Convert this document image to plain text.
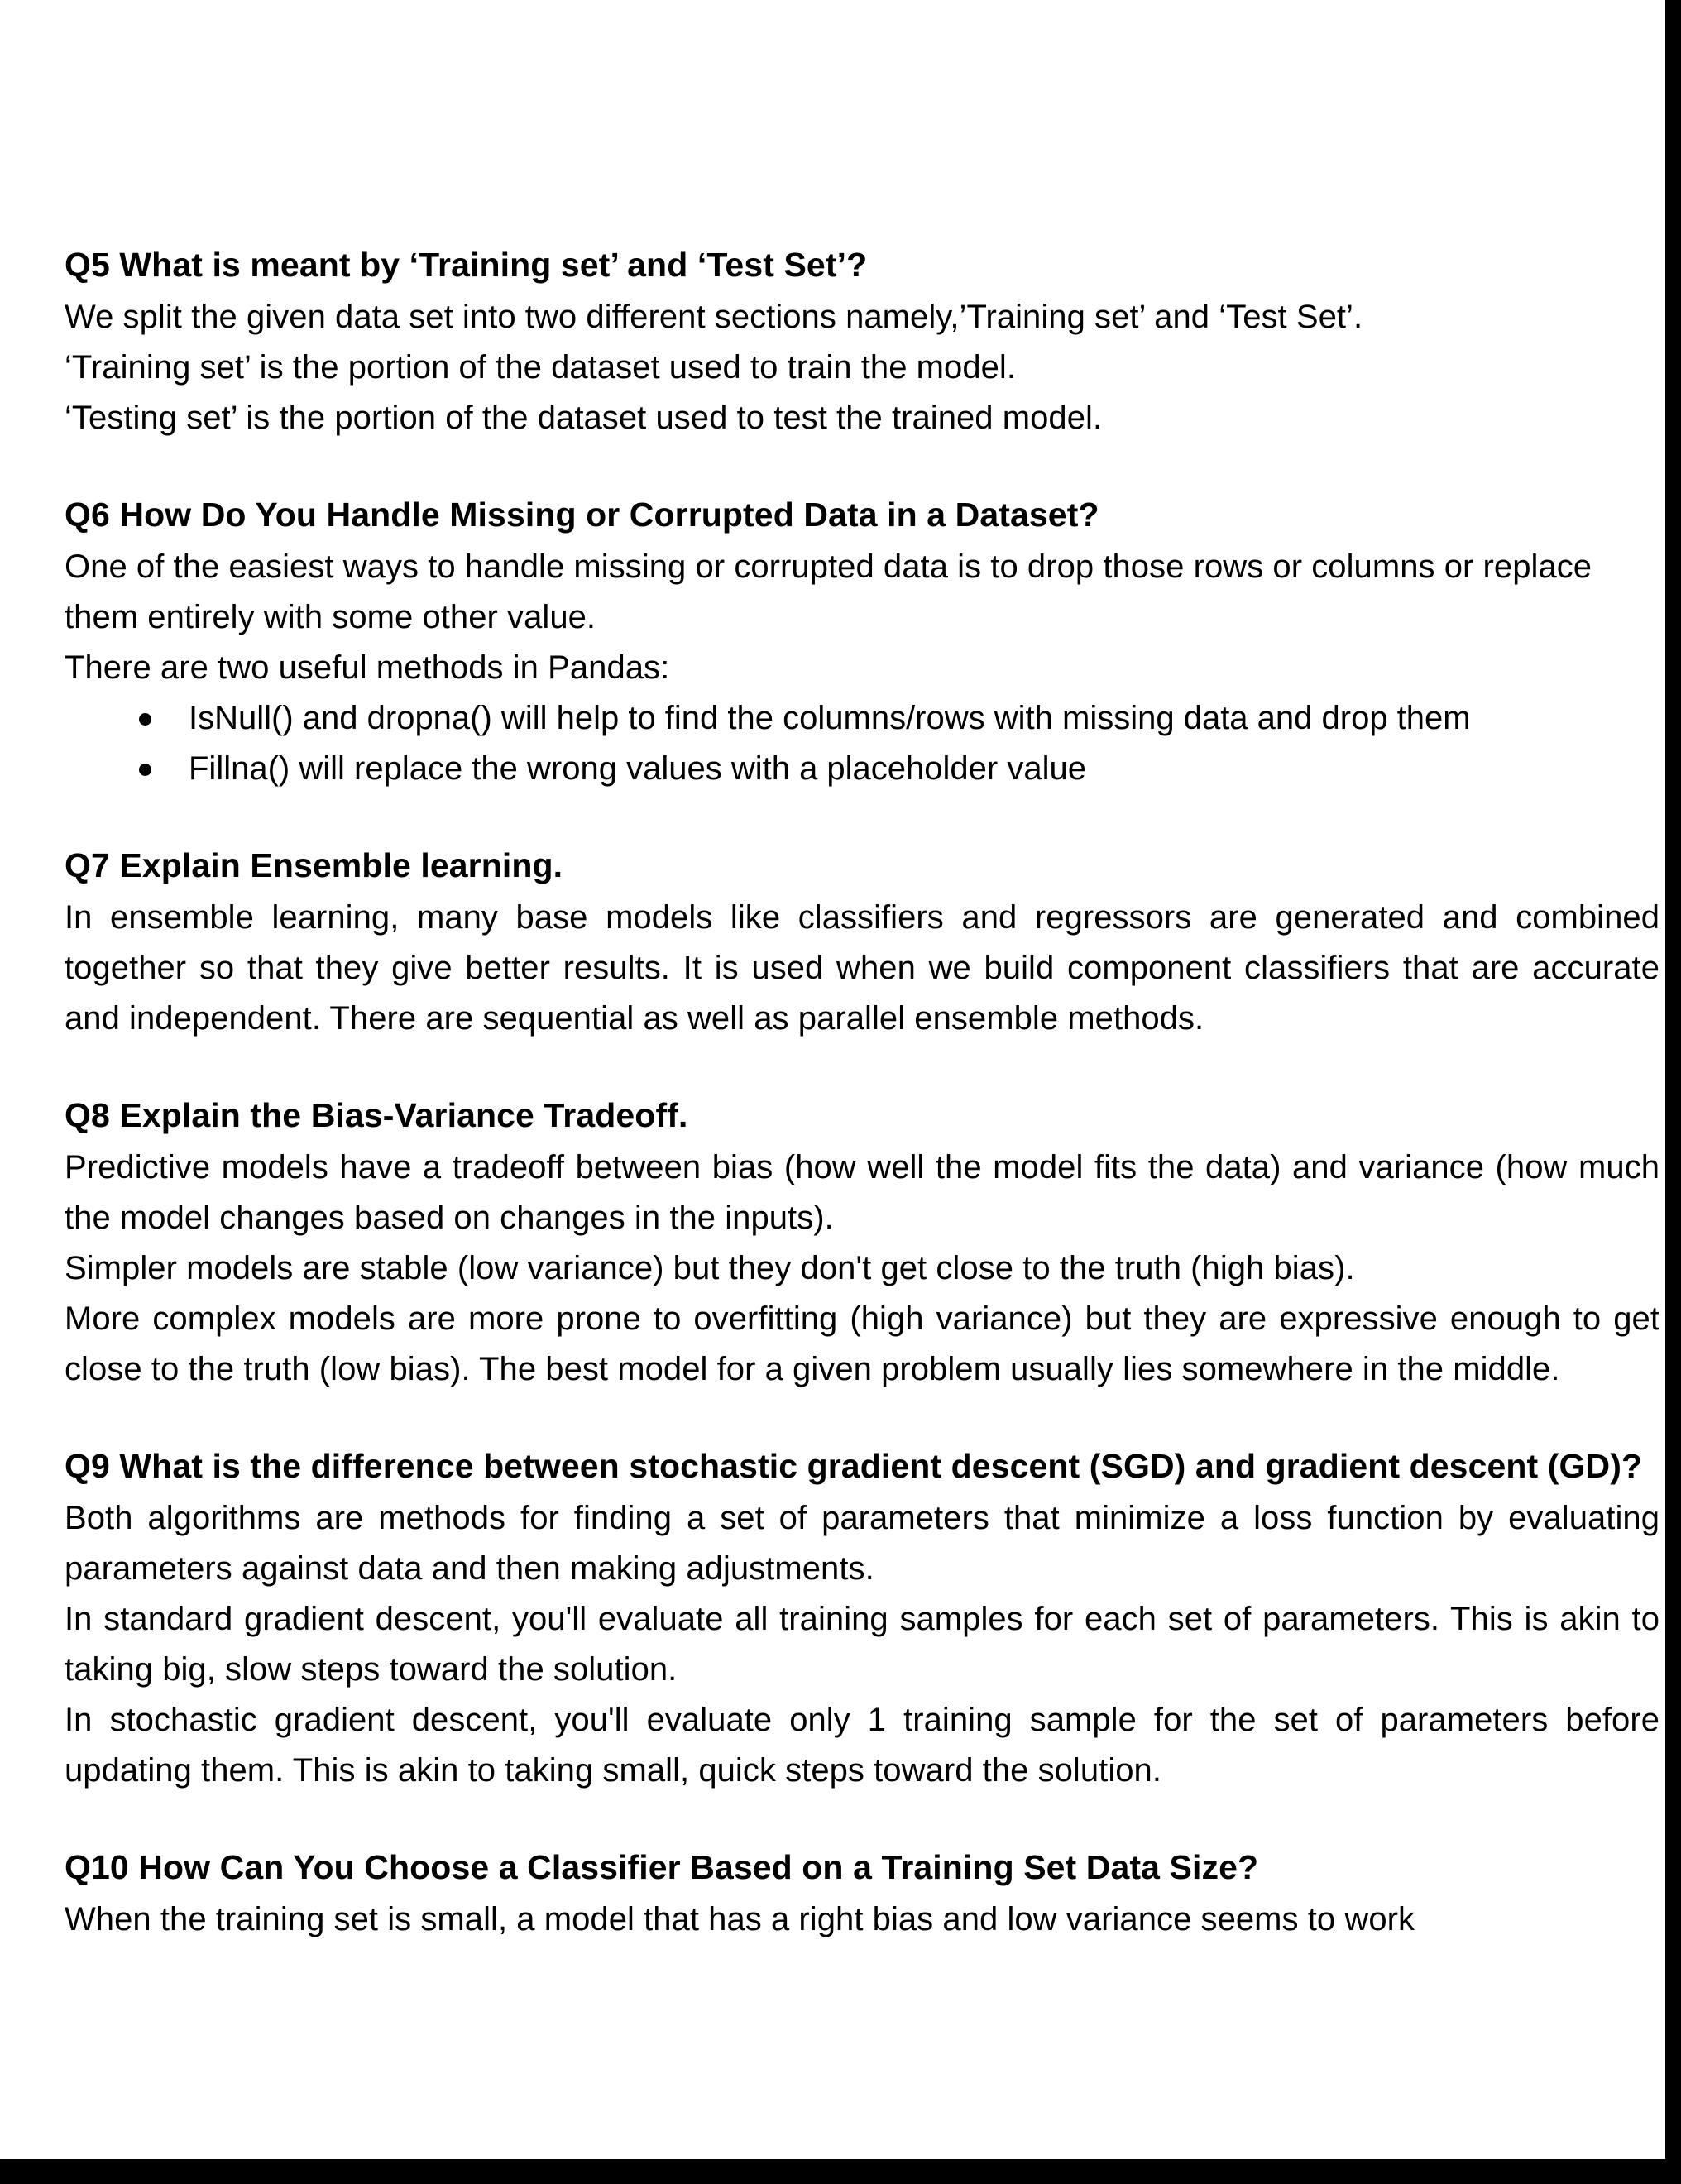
Q5 What is meant by ‘Training set’ and ‘Test Set’?

We split the given data set into two different sections namely,’Training set’ and ‘Test Set’.

‘Training set’ is the portion of the dataset used to train the model.

‘Testing set’ is the portion of the dataset used to test the trained model.

Q6 How Do You Handle Missing or Corrupted Data in a Dataset?

One of the easiest ways to handle missing or corrupted data is to drop those rows or columns or replace them entirely with some other value.

There are two useful methods in Pandas:

IsNull() and dropna() will help to find the columns/rows with missing data and drop them
Fillna() will replace the wrong values with a placeholder value
Q7 Explain Ensemble learning.

In ensemble learning, many base models like classifiers and regressors are generated and combined together so that they give better results. It is used when we build component classifiers that are accurate and independent. There are sequential as well as parallel ensemble methods.

Q8 Explain the Bias-Variance Tradeoff.

Predictive models have a tradeoff between bias (how well the model fits the data) and variance (how much the model changes based on changes in the inputs).

Simpler models are stable (low variance) but they don't get close to the truth (high bias).

More complex models are more prone to overfitting (high variance) but they are expressive enough to get close to the truth (low bias). The best model for a given problem usually lies somewhere in the middle.

Q9 What is the difference between stochastic gradient descent (SGD) and gradient descent (GD)?

Both algorithms are methods for finding a set of parameters that minimize a loss function by evaluating parameters against data and then making adjustments.

In standard gradient descent, you'll evaluate all training samples for each set of parameters. This is akin to taking big, slow steps toward the solution.

In stochastic gradient descent, you'll evaluate only 1 training sample for the set of parameters before updating them. This is akin to taking small, quick steps toward the solution.

Q10 How Can You Choose a Classifier Based on a Training Set Data Size?

When the training set is small, a model that has a right bias and low variance seems to work
